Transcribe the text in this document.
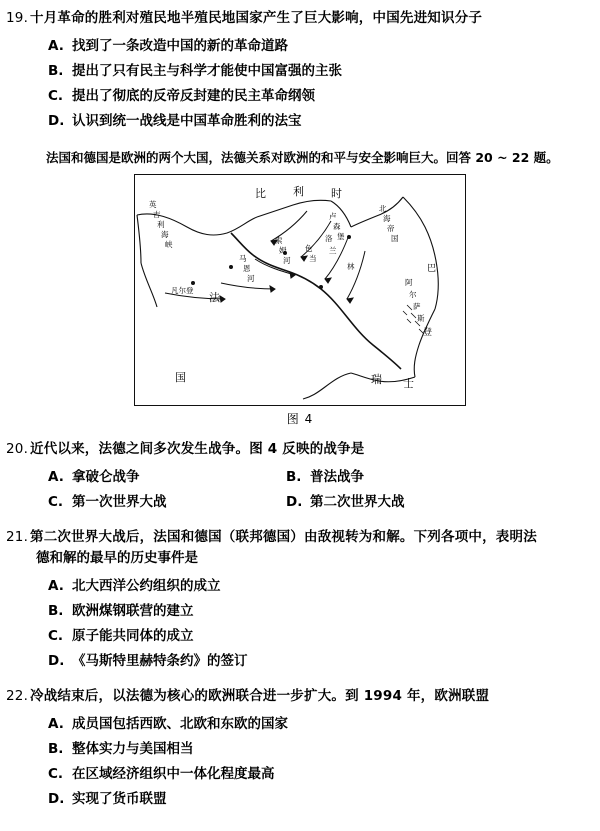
19. 十月革命的胜利对殖民地半殖民地国家产生了巨大影响，中国先进知识分子
A. 找到了一条改造中国的新的革命道路
B. 提出了只有民主与科学才能使中国富强的主张
C. 提出了彻底的反帝反封建的民主革命纲领
D. 认识到统一战线是中国革命胜利的法宝
法国和德国是欧洲的两个大国，法德关系对欧洲的和平与安全影响巨大。回答 20 ~ 22 题。
比 利 时
英
吉
利
海
峡
北
海
帝
国
凡尔登
法
国
马
恩
河
索
姆
河
色
当
洛
兰
林
阿
尔
萨
斯
巴
登
瑞 士
卢
森
堡
图 4
20. 近代以来，法德之间多次发生战争。图 4 反映的战争是
A. 拿破仑战争	B. 普法战争
C. 第一次世界大战	D. 第二次世界大战
21. 第二次世界大战后，法国和德国（联邦德国）由敌视转为和解。下列各项中，表明法
德和解的最早的历史事件是
A. 北大西洋公约组织的成立
B. 欧洲煤钢联营的建立
C. 原子能共同体的成立
D. 《马斯特里赫特条约》的签订
22. 冷战结束后，以法德为核心的欧洲联合进一步扩大。到 1994 年，欧洲联盟
A. 成员国包括西欧、北欧和东欧的国家
B. 整体实力与美国相当
C. 在区域经济组织中一体化程度最高
D. 实现了货币联盟
